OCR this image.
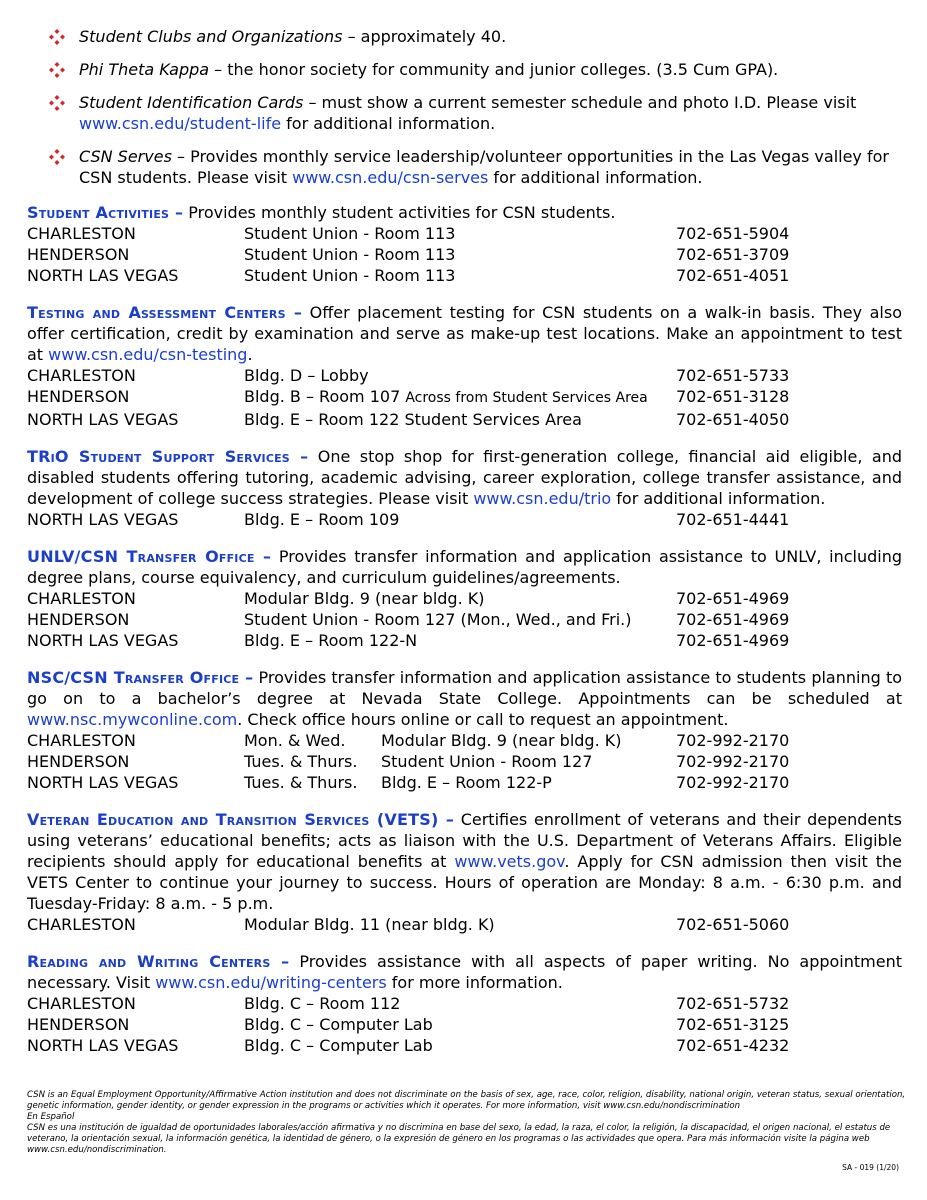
Student Clubs and Organizations – approximately 40.
Phi Theta Kappa – the honor society for community and junior colleges. (3.5 Cum GPA).
Student Identification Cards – must show a current semester schedule and photo I.D. Please visit www.csn.edu/student-life for additional information.
CSN Serves – Provides monthly service leadership/volunteer opportunities in the Las Vegas valley for CSN students. Please visit www.csn.edu/csn-serves for additional information.
Student Activities – Provides monthly student activities for CSN students.
CHARLESTON	Student Union - Room 113	702-651-5904
HENDERSON	Student Union - Room 113	702-651-3709
NORTH LAS VEGAS	Student Union - Room 113	702-651-4051
Testing and Assessment Centers – Offer placement testing for CSN students on a walk-in basis. They also offer certification, credit by examination and serve as make-up test locations. Make an appointment to test at www.csn.edu/csn-testing.
CHARLESTON	Bldg. D – Lobby	702-651-5733
HENDERSON	Bldg. B – Room 107 Across from Student Services Area	702-651-3128
NORTH LAS VEGAS	Bldg. E – Room 122 Student Services Area	702-651-4050
TRiO Student Support Services – One stop shop for first-generation college, financial aid eligible, and disabled students offering tutoring, academic advising, career exploration, college transfer assistance, and development of college success strategies. Please visit www.csn.edu/trio for additional information.
NORTH LAS VEGAS	Bldg. E – Room 109	702-651-4441
UNLV/CSN Transfer Office – Provides transfer information and application assistance to UNLV, including degree plans, course equivalency, and curriculum guidelines/agreements.
CHARLESTON	Modular Bldg. 9 (near bldg. K)	702-651-4969
HENDERSON	Student Union - Room 127 (Mon., Wed., and Fri.)	702-651-4969
NORTH LAS VEGAS	Bldg. E – Room 122-N	702-651-4969
NSC/CSN Transfer Office – Provides transfer information and application assistance to students planning to go on to a bachelor’s degree at Nevada State College. Appointments can be scheduled at www.nsc.mywconline.com. Check office hours online or call to request an appointment.
CHARLESTON	Mon. & Wed.	Modular Bldg. 9 (near bldg. K)	702-992-2170
HENDERSON	Tues. & Thurs.	Student Union - Room 127	702-992-2170
NORTH LAS VEGAS	Tues. & Thurs.	Bldg. E – Room 122-P	702-992-2170
Veteran Education and Transition Services (VETS) – Certifies enrollment of veterans and their dependents using veterans’ educational benefits; acts as liaison with the U.S. Department of Veterans Affairs. Eligible recipients should apply for educational benefits at www.vets.gov. Apply for CSN admission then visit the VETS Center to continue your journey to success. Hours of operation are Monday: 8 a.m. - 6:30 p.m. and Tuesday-Friday: 8 a.m. - 5 p.m.
CHARLESTON	Modular Bldg. 11 (near bldg. K)	702-651-5060
Reading and Writing Centers – Provides assistance with all aspects of paper writing. No appointment necessary. Visit www.csn.edu/writing-centers for more information.
CHARLESTON	Bldg. C – Room 112	702-651-5732
HENDERSON	Bldg. C – Computer Lab	702-651-3125
NORTH LAS VEGAS	Bldg. C – Computer Lab	702-651-4232

CSN is an Equal Employment Opportunity/Affirmative Action institution and does not discriminate on the basis of sex, age, race, color, religion, disability, national origin, veteran status, sexual orientation, genetic information, gender identity, or gender expression in the programs or activities which it operates. For more information, visit www.csn.edu/nondiscrimination

En Español

CSN es una institución de igualdad de oportunidades laborales/acción afirmativa y no discrimina en base del sexo, la edad, la raza, el color, la religión, la discapacidad, el origen nacional, el estatus de veterano, la orientación sexual, la información genética, la identidad de género, o la expresión de género en los programas o las actividades que opera. Para más información visite la página web www.csn.edu/nondiscrimination.

SA - 019 (1/20)
